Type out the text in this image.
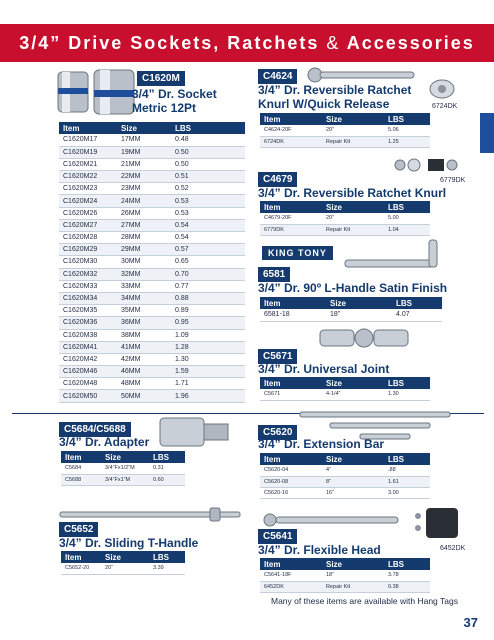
3/4” Drive Sockets, Ratchets & Accessories
C1620M
3/4” Dr. Socket
Metric 12Pt
Item	Size	LBS
C1620M17	17MM	0.48
C1620M19	19MM	0.50
C1620M21	21MM	0.50
C1620M22	22MM	0.51
C1620M23	23MM	0.52
C1620M24	24MM	0.53
C1620M26	26MM	0.53
C1620M27	27MM	0.54
C1620M28	28MM	0.54
C1620M29	29MM	0.57
C1620M30	30MM	0.65
C1620M32	32MM	0.70
C1620M33	33MM	0.77
C1620M34	34MM	0.88
C1620M35	35MM	0.89
C1620M36	36MM	0.95
C1620M38	38MM	1.09
C1620M41	41MM	1.28
C1620M42	42MM	1.30
C1620M46	46MM	1.59
C1620M48	48MM	1.71
C1620M50	50MM	1.96
C4624
3/4” Dr. Reversible Ratchet
Knurl W/Quick Release	6724DK
Item	Size	LBS
C4624-20F	20”	5.06
6724DK	Repair Kit	1.25
6779DK
C4679
3/4” Dr. Reversible Ratchet Knurl
Item	Size	LBS
C4679-20F	20”	5.00
6779DK	Repair Kit	1.04
KING TONY
6581
3/4” Dr. 90º L-Handle Satin Finish
Item	Size	LBS
6581-18	18”	4.07
C5671
3/4” Dr. Universal Joint
Item	Size	LBS
C5671	4-1/4”	1.30
C5684/C5688
3/4” Dr. Adapter
Item	Size	LBS
C5684	3/4”Fx1/2”M	0.31
C5688	3/4”Fx1”M	0.60
C5620
3/4” Dr. Extension Bar
Item	Size	LBS
C5620-04	4”	.88
C5620-08	8”	1.61
C5620-16	16”	3.00
C5652
3/4” Dr. Sliding T-Handle
Item	Size	LBS
C5652-20	20”	3.39
6452DK
C5641
3/4” Dr. Flexible Head
Item	Size	LBS
C5641-18F	18”	3.78
6452DK	Repair Kit	0.38
Many of these items are available with Hang Tags
37
